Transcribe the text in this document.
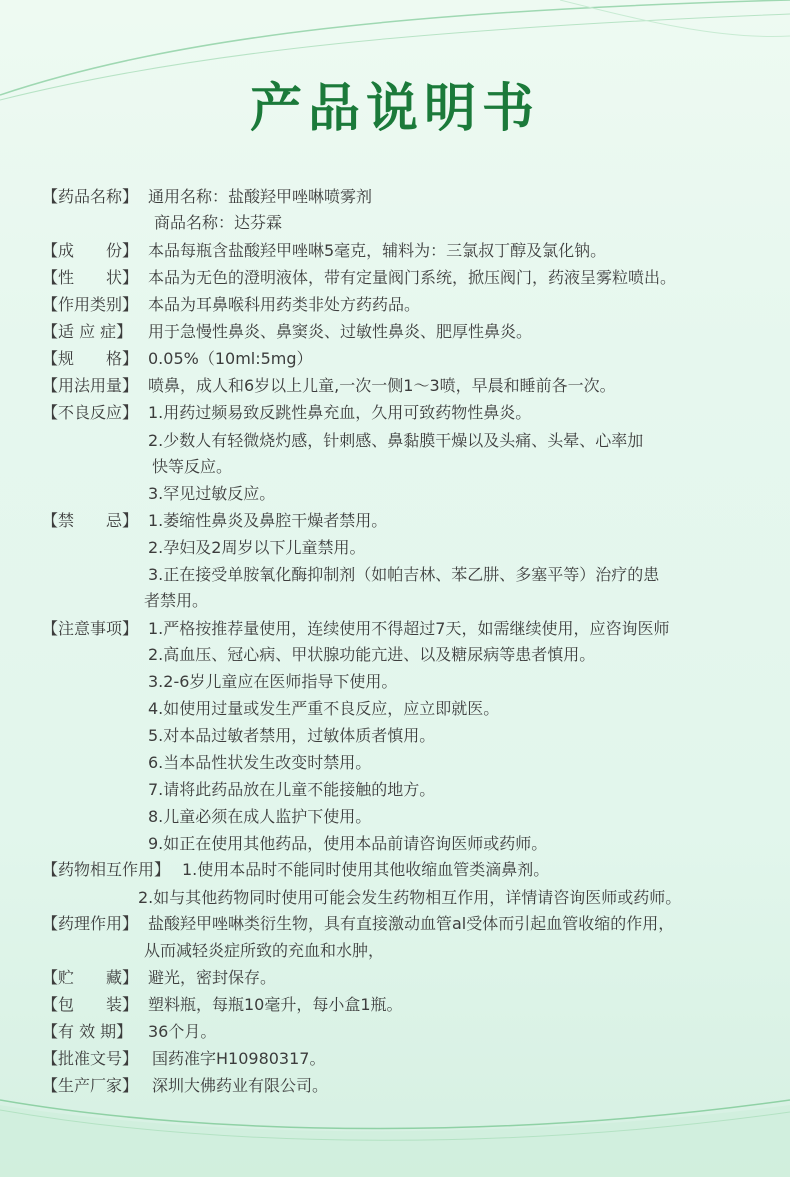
产品说明书
【药品名称】 通用名称：盐酸羟甲唑啉喷雾剂
商品名称：达芬霖
【成　　份】 本品每瓶含盐酸羟甲唑啉5毫克，辅料为：三氯叔丁醇及氯化钠。
【性　　状】 本品为无色的澄明液体，带有定量阀门系统，掀压阀门，药液呈雾粒喷出。
【作用类别】 本品为耳鼻喉科用药类非处方药药品。
【适 应 症】 用于急慢性鼻炎、鼻窦炎、过敏性鼻炎、肥厚性鼻炎。
【规　　格】 0.05%（10ml:5mg）
【用法用量】 喷鼻，成人和6岁以上儿童,一次一侧1～3喷，早晨和睡前各一次。
【不良反应】 1.用药过频易致反跳性鼻充血，久用可致药物性鼻炎。
2.少数人有轻微烧灼感，针刺感、鼻黏膜干燥以及头痛、头晕、心率加
快等反应。
3.罕见过敏反应。
【禁　　忌】 1.萎缩性鼻炎及鼻腔干燥者禁用。
2.孕妇及2周岁以下儿童禁用。
3.正在接受单胺氧化酶抑制剂（如帕吉林、苯乙肼、多塞平等）治疗的患
者禁用。
【注意事项】 1.严格按推荐量使用，连续使用不得超过7天，如需继续使用，应咨询医师
2.高血压、冠心病、甲状腺功能亢进、以及糖尿病等患者慎用。
3.2-6岁儿童应在医师指导下使用。
4.如使用过量或发生严重不良反应，应立即就医。
5.对本品过敏者禁用，过敏体质者慎用。
6.当本品性状发生改变时禁用。
7.请将此药品放在儿童不能接触的地方。
8.儿童必须在成人监护下使用。
9.如正在使用其他药品，使用本品前请咨询医师或药师。
【药物相互作用】 1.使用本品时不能同时使用其他收缩血管类滴鼻剂。
2.如与其他药物同时使用可能会发生药物相互作用，详情请咨询医师或药师。
【药理作用】 盐酸羟甲唑啉类衍生物，具有直接激动血管al受体而引起血管收缩的作用，
从而减轻炎症所致的充血和水肿，
【贮　　藏】 避光，密封保存。
【包　　装】 塑料瓶，每瓶10毫升，每小盒1瓶。
【有 效 期】 36个月。
【批准文号】 国药准字H10980317。
【生产厂家】 深圳大佛药业有限公司。
